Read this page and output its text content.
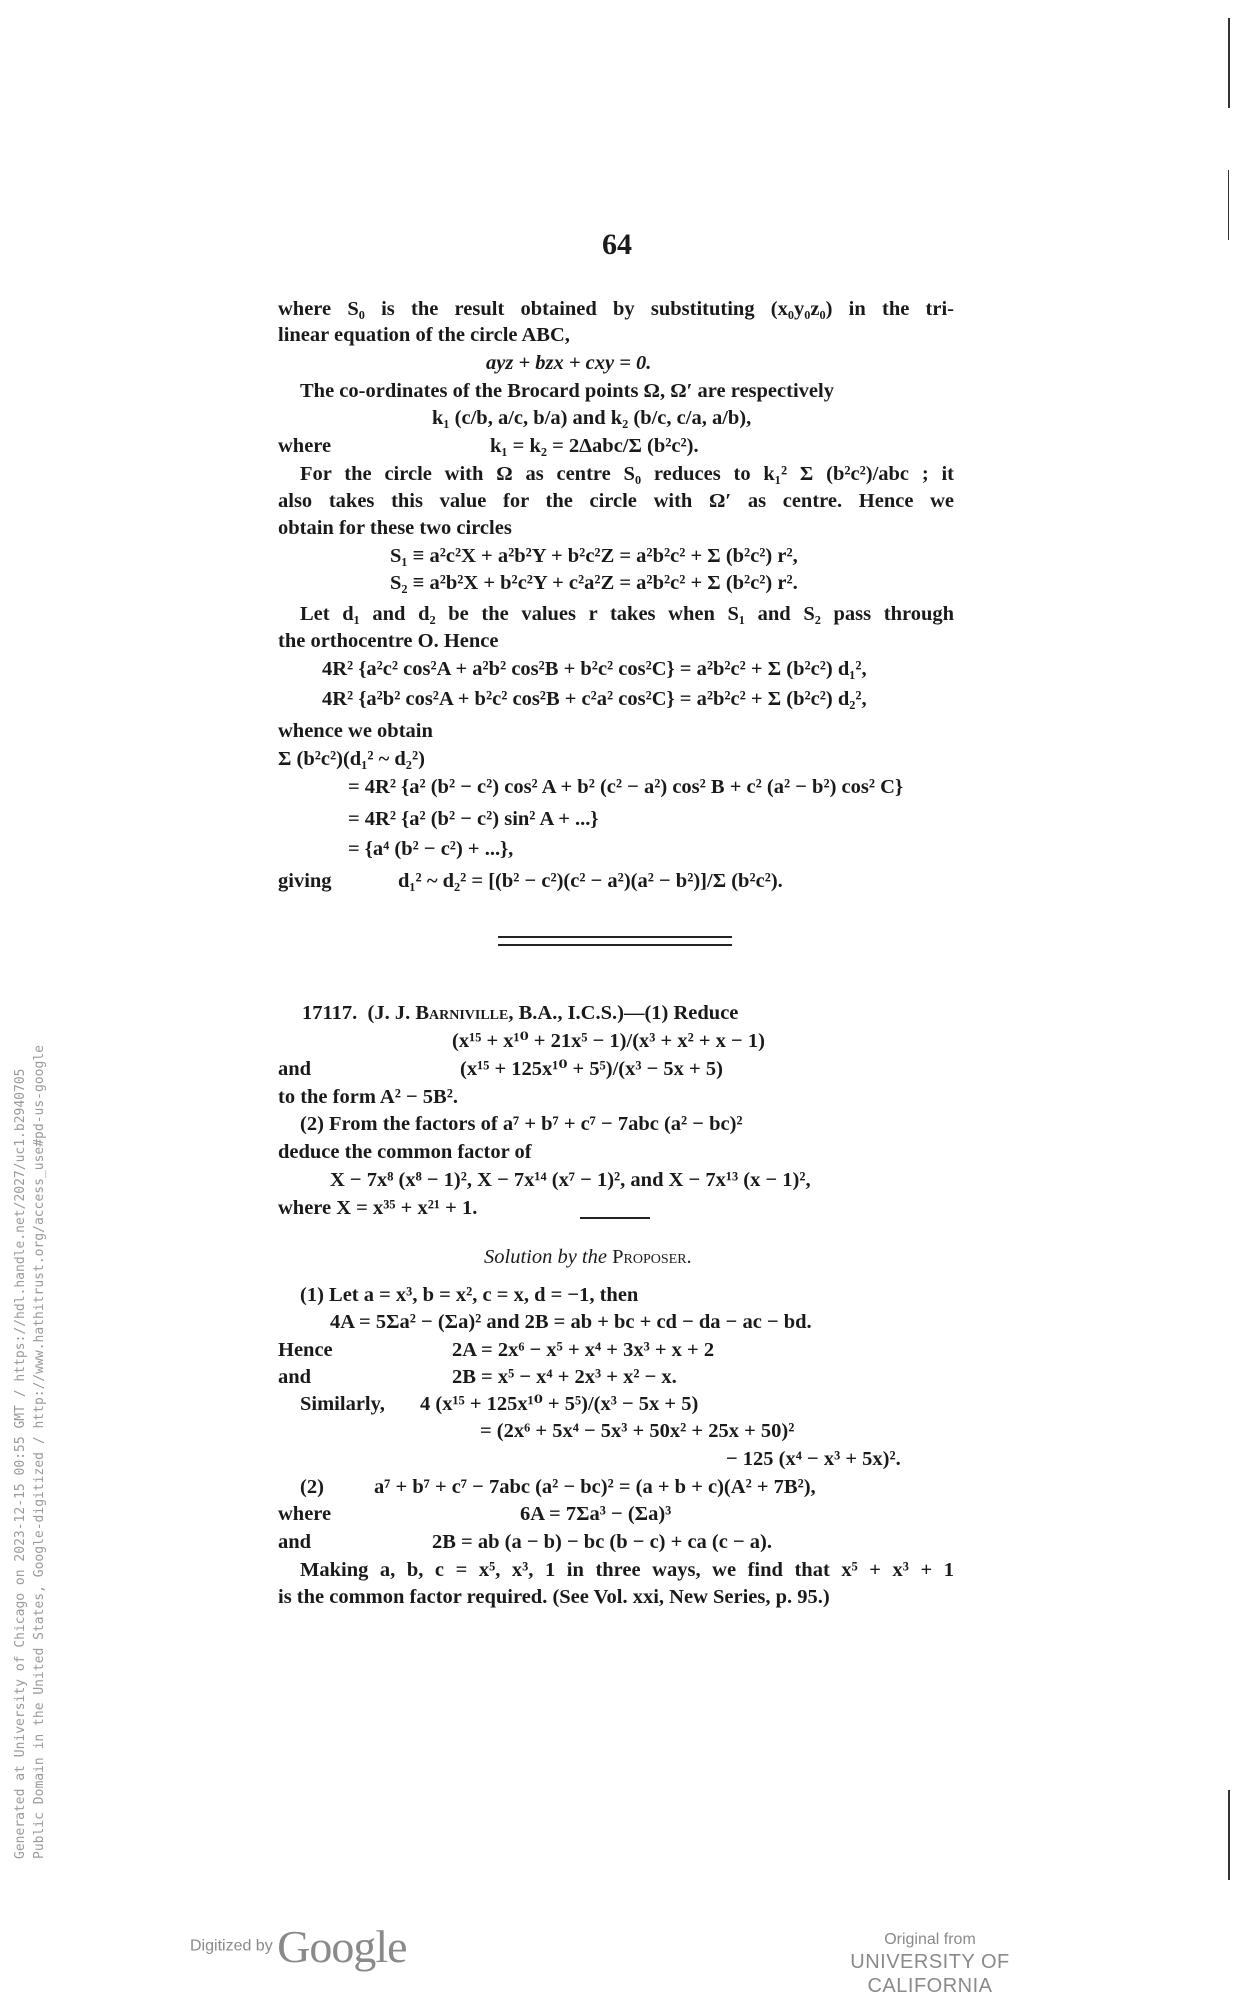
64
where S₀ is the result obtained by substituting (x₀y₀z₀) in the tri-
linear equation of the circle ABC,
ayz + bzx + cxy = 0.
The co-ordinates of the Brocard points Ω, Ω′ are respectively
k₁ (c/b, a/c, b/a) and k₂ (b/c, c/a, a/b),
where	k₁ = k₂ = 2Δabc/Σ (b²c²).
For the circle with Ω as centre S₀ reduces to k₁² Σ (b²c²)/abc ; it
also takes this value for the circle with Ω′ as centre. Hence we
obtain for these two circles
S₁ ≡ a²c²X + a²b²Y + b²c²Z = a²b²c² + Σ (b²c²) r²,
S₂ ≡ a²b²X + b²c²Y + c²a²Z = a²b²c² + Σ (b²c²) r².
Let d₁ and d₂ be the values r takes when S₁ and S₂ pass through
the orthocentre O. Hence
4R² {a²c² cos²A + a²b² cos²B + b²c² cos²C} = a²b²c² + Σ (b²c²) d₁²,
4R² {a²b² cos²A + b²c² cos²B + c²a² cos²C} = a²b²c² + Σ (b²c²) d₂²,
whence we obtain
Σ (b²c²)(d₁² ~ d₂²)
= 4R² {a² (b² − c²) cos² A + b² (c² − a²) cos² B + c² (a² − b²) cos² C}
= 4R² {a² (b² − c²) sin² A + ...}
= {a⁴ (b² − c²) + ...},
giving	d₁² ~ d₂² = [(b² − c²)(c² − a²)(a² − b²)]/Σ (b²c²).
17117. (J. J. Barniville, B.A., I.C.S.)—(1) Reduce
(x¹⁵ + x¹⁰ + 21x⁵ − 1)/(x³ + x² + x − 1)
and	(x¹⁵ + 125x¹⁰ + 5⁵)/(x³ − 5x + 5)
to the form A² − 5B².
(2) From the factors of a⁷ + b⁷ + c⁷ − 7abc (a² − bc)²
deduce the common factor of
X − 7x⁸ (x⁸ − 1)², X − 7x¹⁴ (x⁷ − 1)², and X − 7x¹³ (x − 1)²,
where X = x³⁵ + x²¹ + 1.
Solution by the Proposer.
(1) Let a = x³, b = x², c = x, d = −1, then
4A = 5Σa² − (Σa)² and 2B = ab + bc + cd − da − ac − bd.
Hence	2A = 2x⁶ − x⁵ + x⁴ + 3x³ + x + 2
and	2B = x⁵ − x⁴ + 2x³ + x² − x.
Similarly, 4 (x¹⁵ + 125x¹⁰ + 5⁵)/(x³ − 5x + 5)
= (2x⁶ + 5x⁴ − 5x³ + 50x² + 25x + 50)²
− 125 (x⁴ − x³ + 5x)².
(2) a⁷ + b⁷ + c⁷ − 7abc (a² − bc)² = (a + b + c)(A² + 7B²),
where	6A = 7Σa³ − (Σa)³
and	2B = ab (a − b) − bc (b − c) + ca (c − a).
Making a, b, c = x⁵, x³, 1 in three ways, we find that x⁵ + x³ + 1
is the common factor required. (See Vol. xxi, New Series, p. 95.)
Generated at University of Chicago on 2023-12-15 00:55 GMT / https://hdl.handle.net/2027/uc1.b2940705 Public Domain in the United States, Google-digitized / http://www.hathitrust.org/access_use#pd-us-google
Digitized by Google	Original from
UNIVERSITY OF CALIFORNIA
